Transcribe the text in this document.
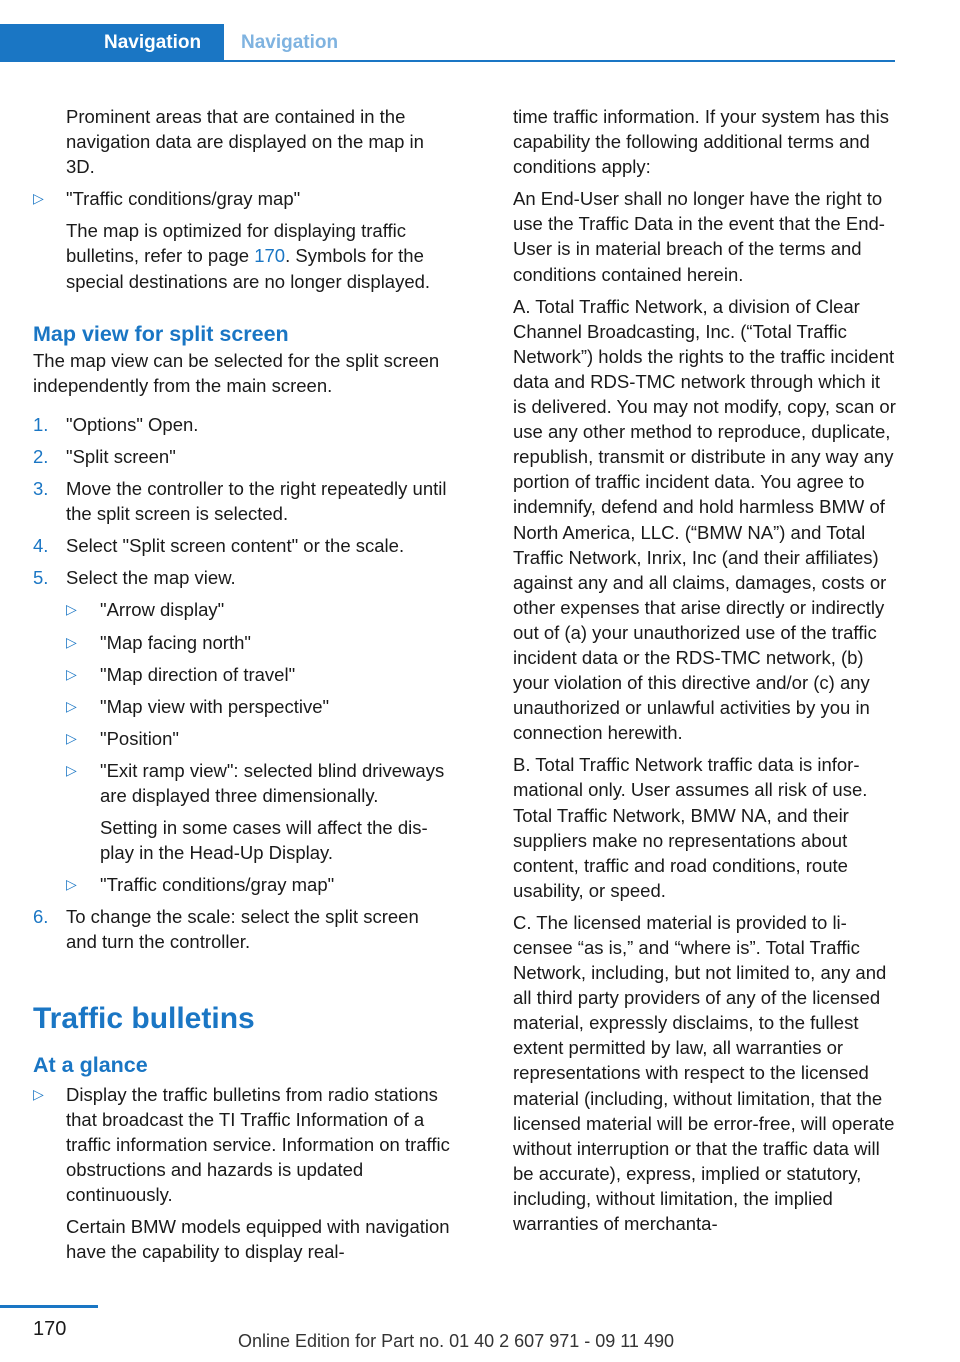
Navigation	Navigation

Prominent areas that are contained in the navigation data are displayed on the map in 3D.

▷ "Traffic conditions/gray map"

The map is optimized for displaying traffic bulletins, refer to page 170. Symbols for the special destinations are no longer displayed.

Map view for split screen

The map view can be selected for the split screen independently from the main screen.

1. "Options" Open.

2. "Split screen"

3. Move the controller to the right repeatedly until the split screen is selected.

4. Select "Split screen content" or the scale.

5. Select the map view.

▷ "Arrow display"

▷ "Map facing north"

▷ "Map direction of travel"

▷ "Map view with perspective"

▷ "Position"

▷ "Exit ramp view": selected blind driveways are displayed three dimensionally.

Setting in some cases will affect the display in the Head-Up Display.

▷ "Traffic conditions/gray map"

6. To change the scale: select the split screen and turn the controller.

Traffic bulletins
At a glance
▷ Display the traffic bulletins from radio stations that broadcast the TI Traffic Information of a traffic information service. Information on traffic obstructions and hazards is updated continuously.

Certain BMW models equipped with navigation have the capability to display real-

time traffic information. If your system has this capability the following additional terms and conditions apply:

An End-User shall no longer have the right to use the Traffic Data in the event that the End-User is in material breach of the terms and conditions contained herein.

A. Total Traffic Network, a division of Clear Channel Broadcasting, Inc. (“Total Traffic Network”) holds the rights to the traffic incident data and RDS-TMC network through which it is delivered. You may not modify, copy, scan or use any other method to reproduce, duplicate, republish, transmit or distribute in any way any portion of traffic incident data. You agree to indemnify, defend and hold harmless BMW of North America, LLC. (“BMW NA”) and Total Traffic Network, Inrix, Inc (and their affiliates) against any and all claims, damages, costs or other expenses that arise directly or indirectly out of (a) your unauthorized use of the traffic incident data or the RDS-TMC network, (b) your violation of this directive and/or (c) any unauthorized or unlawful activities by you in connection herewith.

B. Total Traffic Network traffic data is informational only. User assumes all risk of use. Total Traffic Network, BMW NA, and their suppliers make no representations about content, traffic and road conditions, route usability, or speed.

C. The licensed material is provided to licensee “as is,” and “where is”. Total Traffic Network, including, but not limited to, any and all third party providers of any of the licensed material, expressly disclaims, to the fullest extent permitted by law, all warranties or representations with respect to the licensed material (including, without limitation, that the licensed material will be error-free, will operate without interruption or that the traffic data will be accurate), express, implied or statutory, including, without limitation, the implied warranties of merchanta-

170
Online Edition for Part no. 01 40 2 607 971 - 09 11 490
